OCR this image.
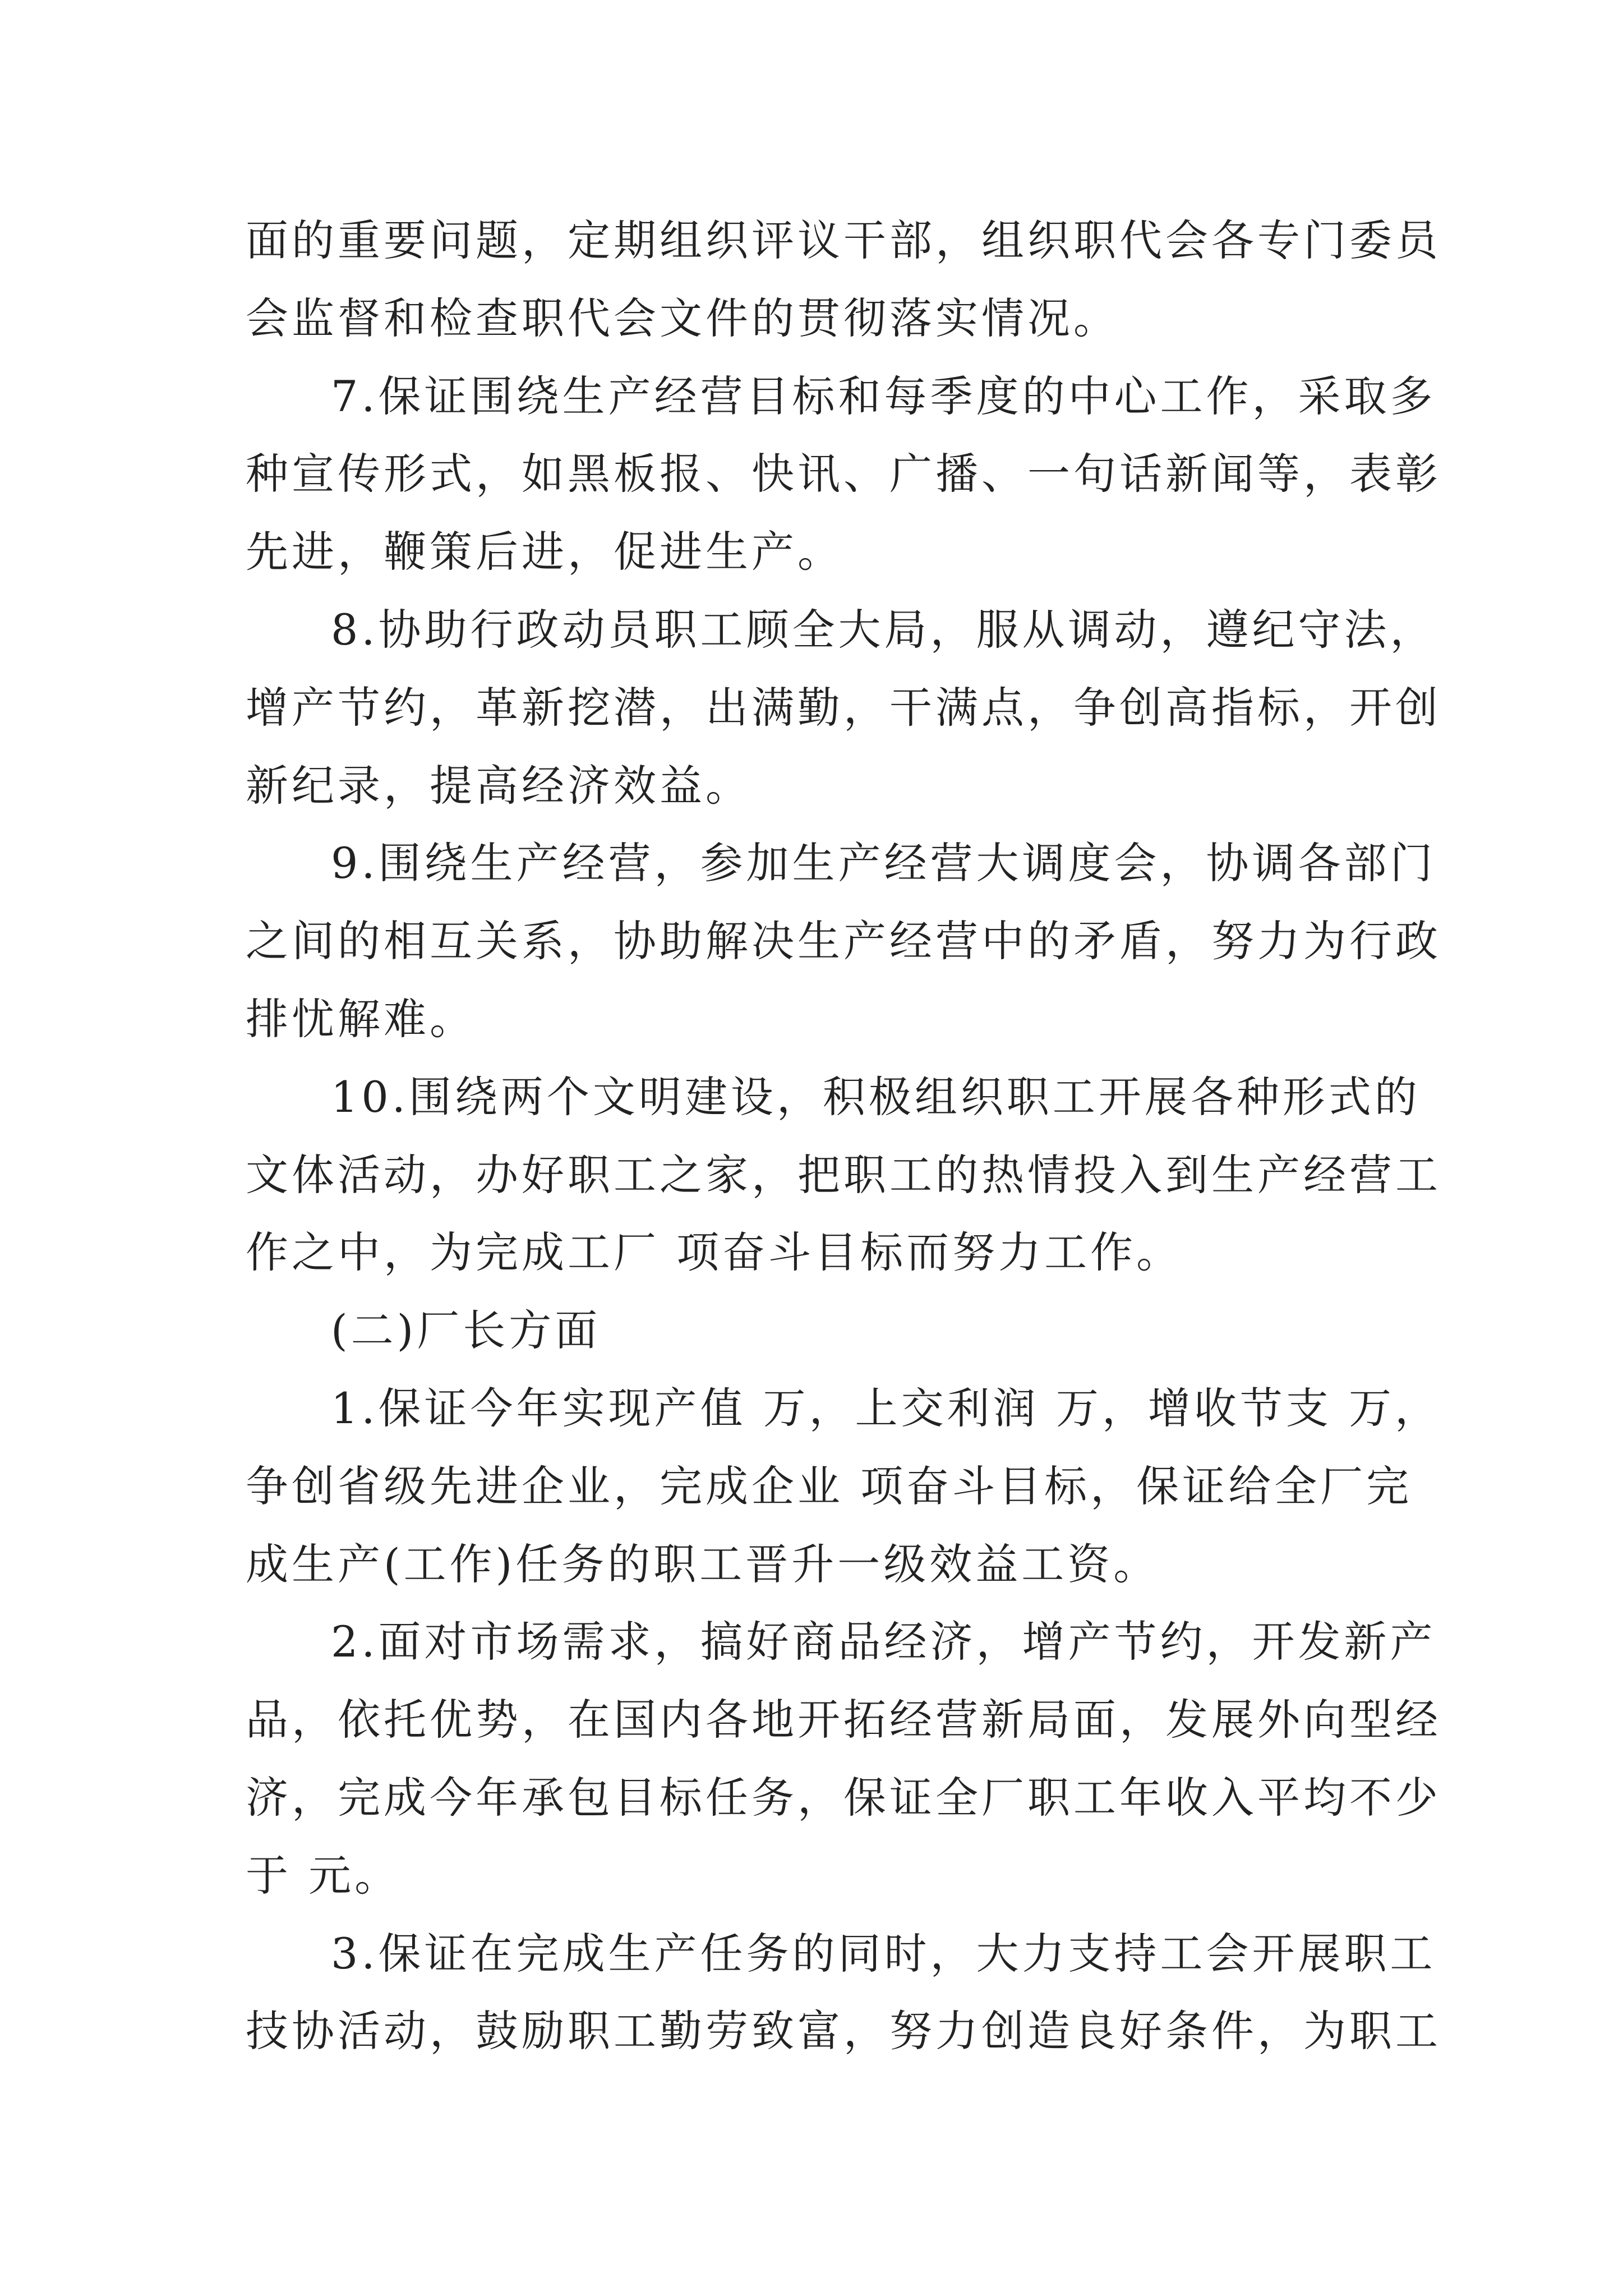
面的重要问题，定期组织评议干部，组织职代会各专门委员
会监督和检查职代会文件的贯彻落实情况。
7.保证围绕生产经营目标和每季度的中心工作，采取多
种宣传形式，如黑板报、快讯、广播、一句话新闻等，表彰
先进，鞭策后进，促进生产。
8.协助行政动员职工顾全大局，服从调动，遵纪守法，
增产节约，革新挖潜，出满勤，干满点，争创高指标，开创
新纪录，提高经济效益。
9.围绕生产经营，参加生产经营大调度会，协调各部门
之间的相互关系，协助解决生产经营中的矛盾，努力为行政
排忧解难。
10.围绕两个文明建设，积极组织职工开展各种形式的
文体活动，办好职工之家，把职工的热情投入到生产经营工
作之中，为完成工厂 项奋斗目标而努力工作。
(二)厂长方面
1.保证今年实现产值 万，上交利润 万，增收节支 万，
争创省级先进企业，完成企业 项奋斗目标，保证给全厂完
成生产(工作)任务的职工晋升一级效益工资。
2.面对市场需求，搞好商品经济，增产节约，开发新产
品，依托优势，在国内各地开拓经营新局面，发展外向型经
济，完成今年承包目标任务，保证全厂职工年收入平均不少
于 元。
3.保证在完成生产任务的同时，大力支持工会开展职工
技协活动，鼓励职工勤劳致富，努力创造良好条件，为职工
